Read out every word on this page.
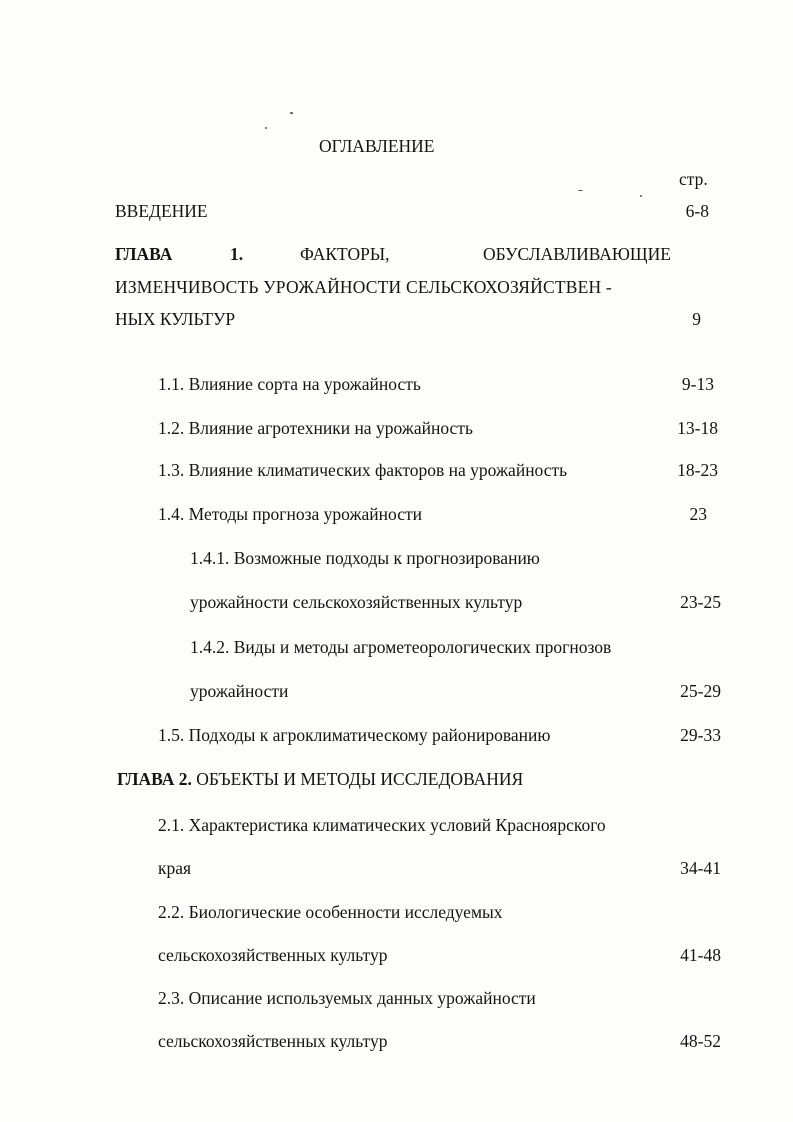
ОГЛАВЛЕНИЕ
стр.
ВВЕДЕНИЕ	6-8
ГЛАВА	1.	ФАКТОРЫ,	ОБУСЛАВЛИВАЮЩИЕ
ИЗМЕНЧИВОСТЬ УРОЖАЙНОСТИ СЕЛЬСКОХОЗЯЙСТВЕН -
НЫХ КУЛЬТУР	9
1.1. Влияние сорта на урожайность	9-13
1.2. Влияние агротехники на урожайность	13-18
1.3. Влияние климатических факторов на урожайность	18-23
1.4. Методы прогноза урожайности	23
1.4.1. Возможные подходы к прогнозированию
урожайности сельскохозяйственных культур	23-25
1.4.2. Виды и методы агрометеорологических прогнозов
урожайности	25-29
1.5. Подходы к агроклиматическому районированию	29-33
ГЛАВА 2. ОБЪЕКТЫ И МЕТОДЫ ИССЛЕДОВАНИЯ
2.1. Характеристика климатических условий Красноярского
края	34-41
2.2. Биологические особенности исследуемых
сельскохозяйственных культур	41-48
2.3. Описание используемых данных урожайности
сельскохозяйственных культур	48-52
